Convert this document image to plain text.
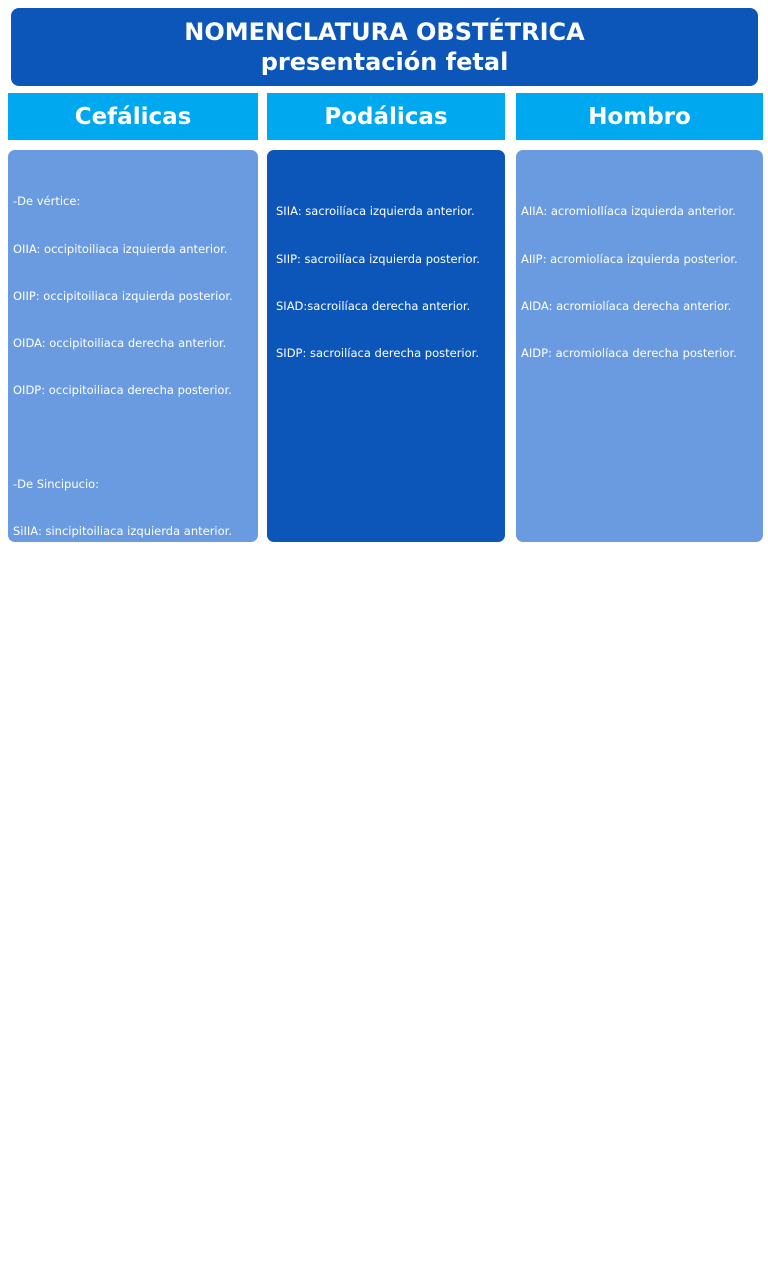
NOMENCLATURA OBSTÉTRICA
presentación fetal
Cefálicas	Podálicas	Hombro

-De vértice:

OIIA: occipitoiliaca izquierda anterior.

OIIP: occipitoiliaca izquierda posterior.

OIDA: occipitoiliaca derecha anterior.

OIDP: occipitoiliaca derecha posterior.

-De Sincipucio:

SiIIA: sincipitoiliaca izquierda anterior.

SiIIP: sincipitoiliaca izquierda posterior.

SiIDA: sincipitoiliaca derecha anterior.

SiDP: sincipitoiliaca  derecha posterior.

-De frente:

NIIA: nasoilíaca izquierda anterior.

NIIP: nasoilíaca izquierda posterior.

NIDA: nasoilíaca derecha anterior.

NIDP: nasoilíaca derecha posterior.

-De cara:

MIIA: mentoilíaca izquierda anterior.

MIIP: mentoilíaca izquierda posterior.

MIDA: mentoilíaca derecha  anterior.

MIDP: mentoilíaca derecha posterior.

SIIA: sacroilíaca izquierda anterior.

SIIP: sacroilíaca izquierda posterior.

SIAD:sacroilíaca derecha anterior.

SIDP: sacroilíaca derecha posterior.

AIIA: acromioIlíaca izquierda anterior.

AIIP: acromiolíaca izquierda posterior.

AIDA: acromiolíaca derecha anterior.

AIDP: acromiolíaca derecha posterior.
